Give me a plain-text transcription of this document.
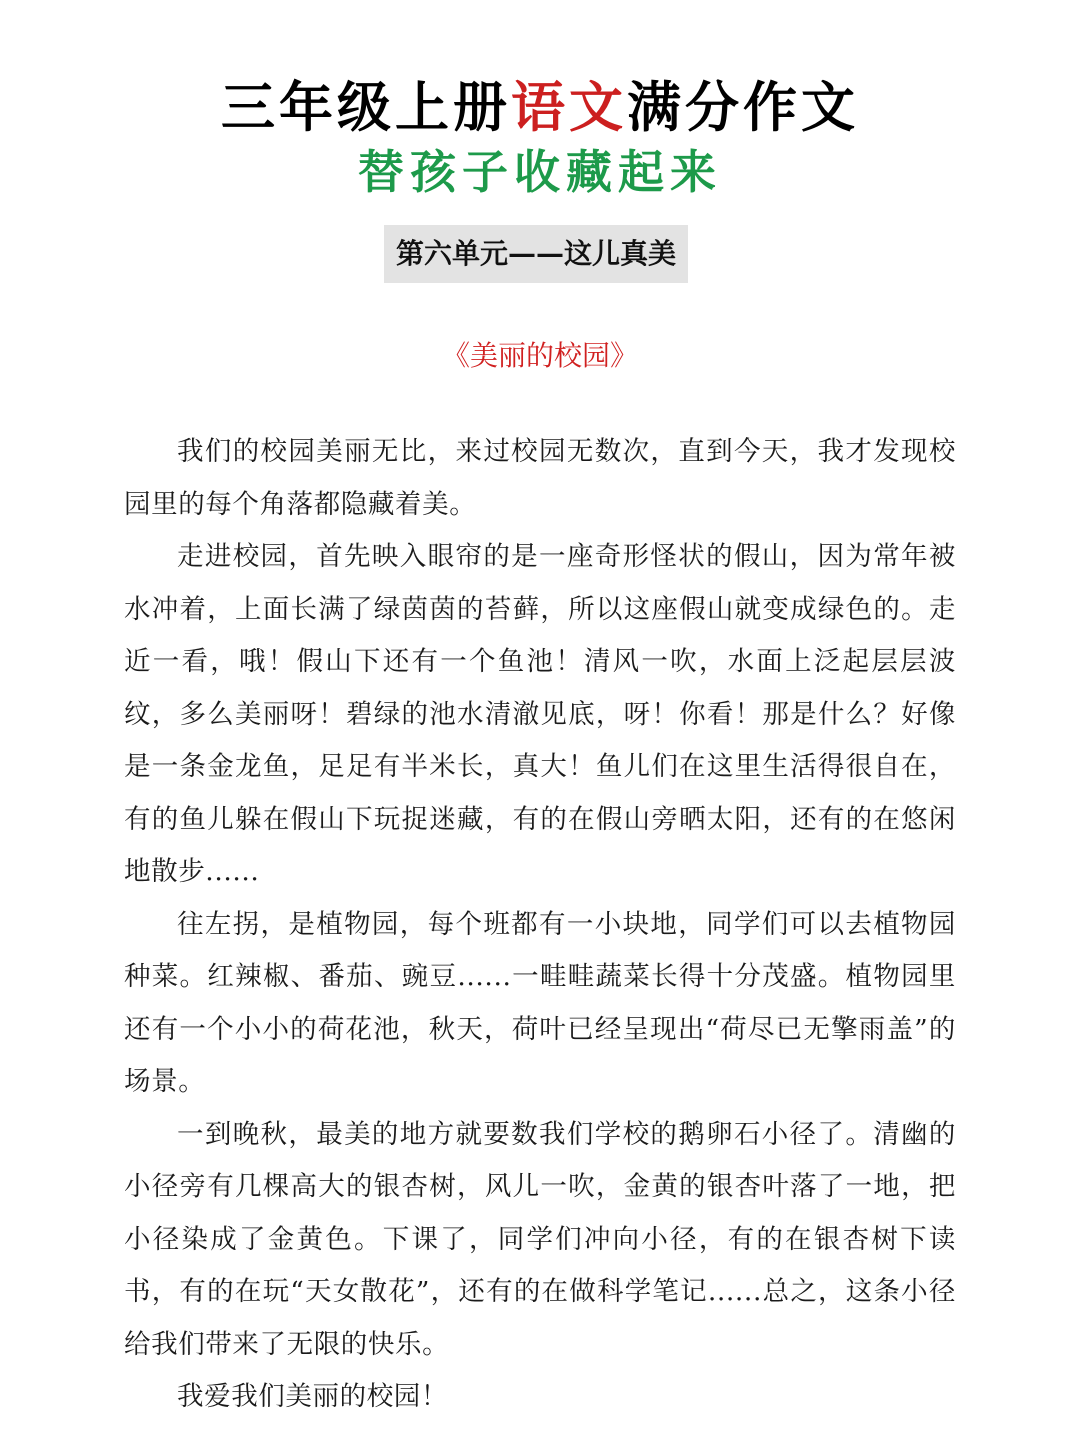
三年级上册语文满分作文
替孩子收藏起来
第六单元——这儿真美
《美丽的校园》

我们的校园美丽无比，来过校园无数次，直到今天，我才发现校园里的每个角落都隐藏着美。

走进校园，首先映入眼帘的是一座奇形怪状的假山，因为常年被水冲着，上面长满了绿茵茵的苔藓，所以这座假山就变成绿色的。走近一看，哦！假山下还有一个鱼池！清风一吹，水面上泛起层层波纹，多么美丽呀！碧绿的池水清澈见底，呀！你看！那是什么？好像是一条金龙鱼，足足有半米长，真大！鱼儿们在这里生活得很自在，有的鱼儿躲在假山下玩捉迷藏，有的在假山旁晒太阳，还有的在悠闲地散步......

往左拐，是植物园，每个班都有一小块地，同学们可以去植物园种菜。红辣椒、番茄、豌豆......一畦畦蔬菜长得十分茂盛。植物园里还有一个小小的荷花池，秋天，荷叶已经呈现出“荷尽已无擎雨盖”的场景。

一到晚秋，最美的地方就要数我们学校的鹅卵石小径了。清幽的小径旁有几棵高大的银杏树，风儿一吹，金黄的银杏叶落了一地，把小径染成了金黄色。下课了，同学们冲向小径，有的在银杏树下读书，有的在玩“天女散花”，还有的在做科学笔记......总之，这条小径给我们带来了无限的快乐。

我爱我们美丽的校园！
